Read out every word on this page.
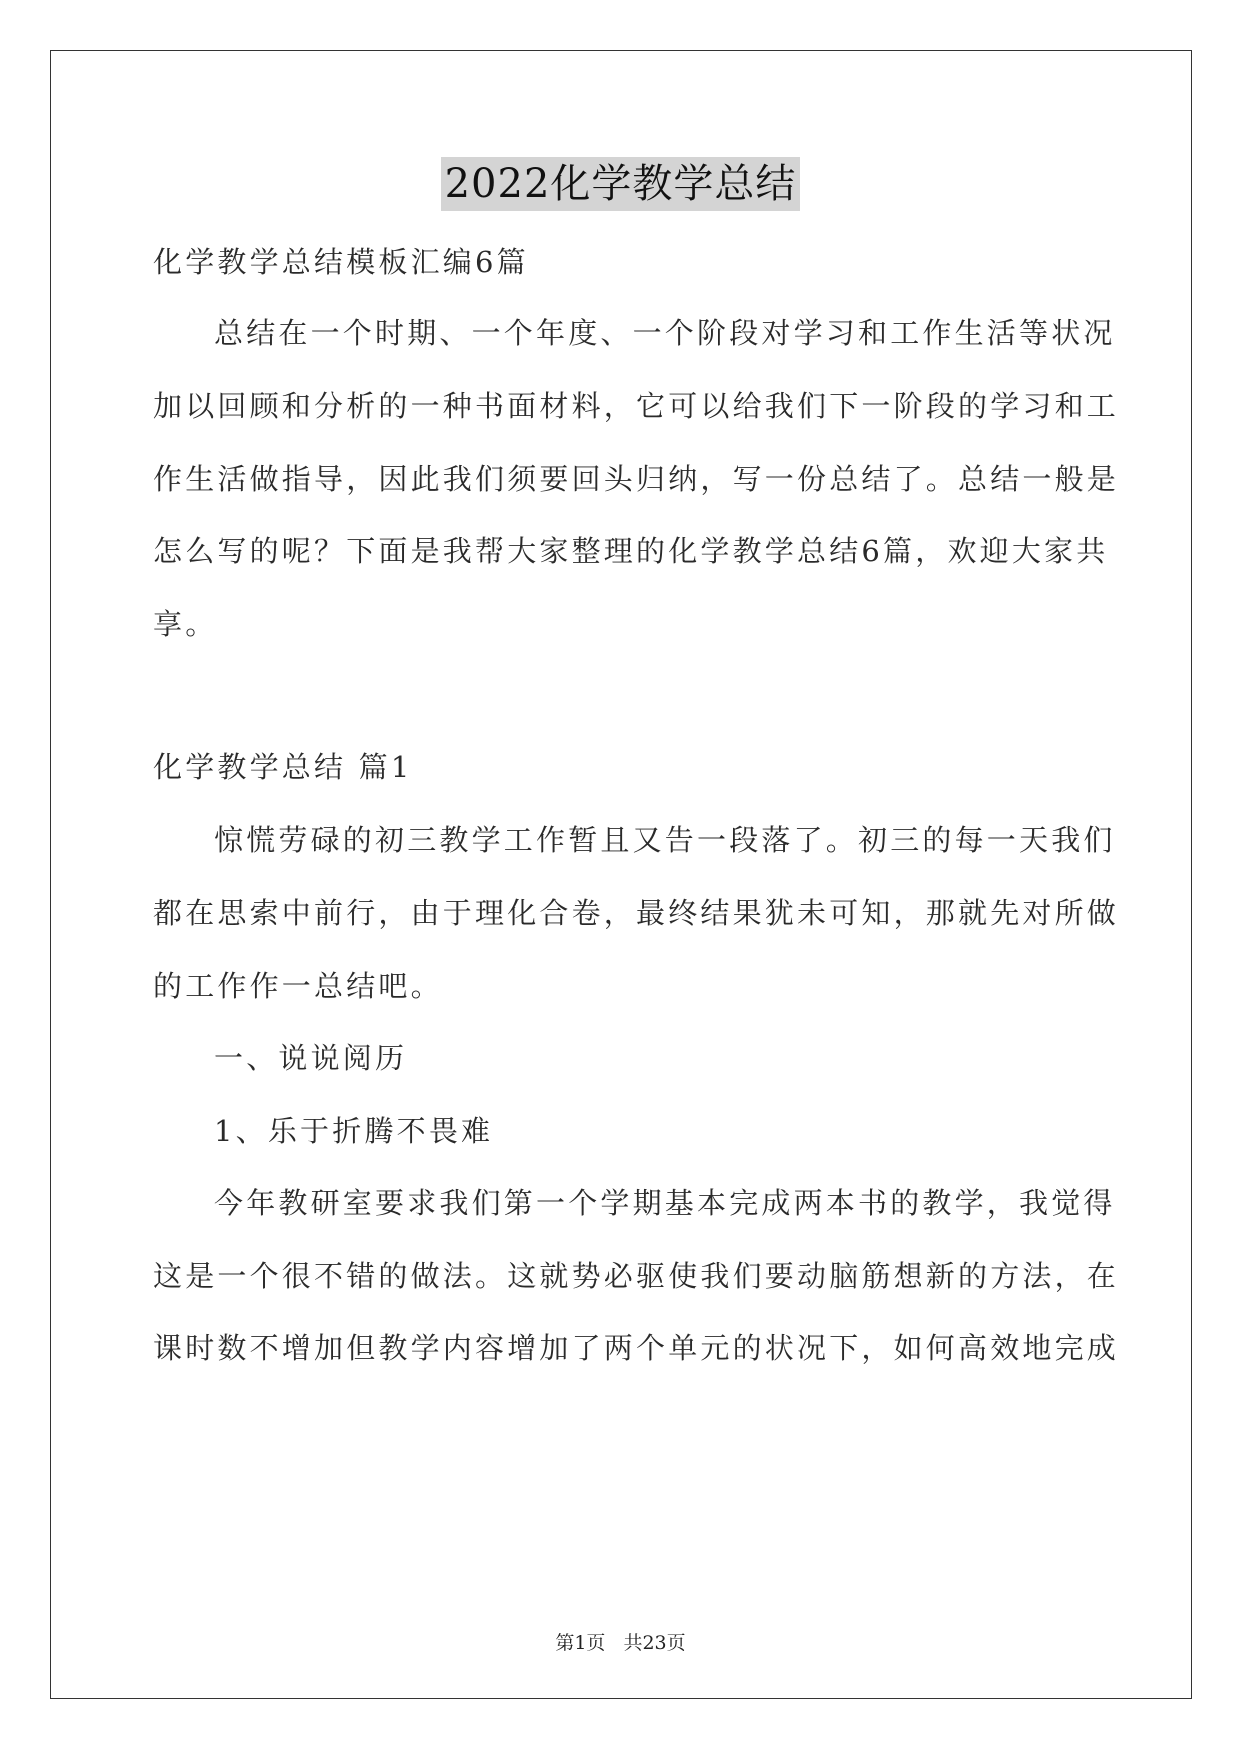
2022化学教学总结
化学教学总结模板汇编6篇
总结在一个时期、一个年度、一个阶段对学习和工作生活等状况
加以回顾和分析的一种书面材料，它可以给我们下一阶段的学习和工
作生活做指导，因此我们须要回头归纳，写一份总结了。总结一般是
怎么写的呢？下面是我帮大家整理的化学教学总结6篇，欢迎大家共
享。
化学教学总结 篇1
惊慌劳碌的初三教学工作暂且又告一段落了。初三的每一天我们
都在思索中前行，由于理化合卷，最终结果犹未可知，那就先对所做
的工作作一总结吧。
一、说说阅历
1、乐于折腾不畏难
今年教研室要求我们第一个学期基本完成两本书的教学，我觉得
这是一个很不错的做法。这就势必驱使我们要动脑筋想新的方法，在
课时数不增加但教学内容增加了两个单元的状况下，如何高效地完成
第1页 共23页
